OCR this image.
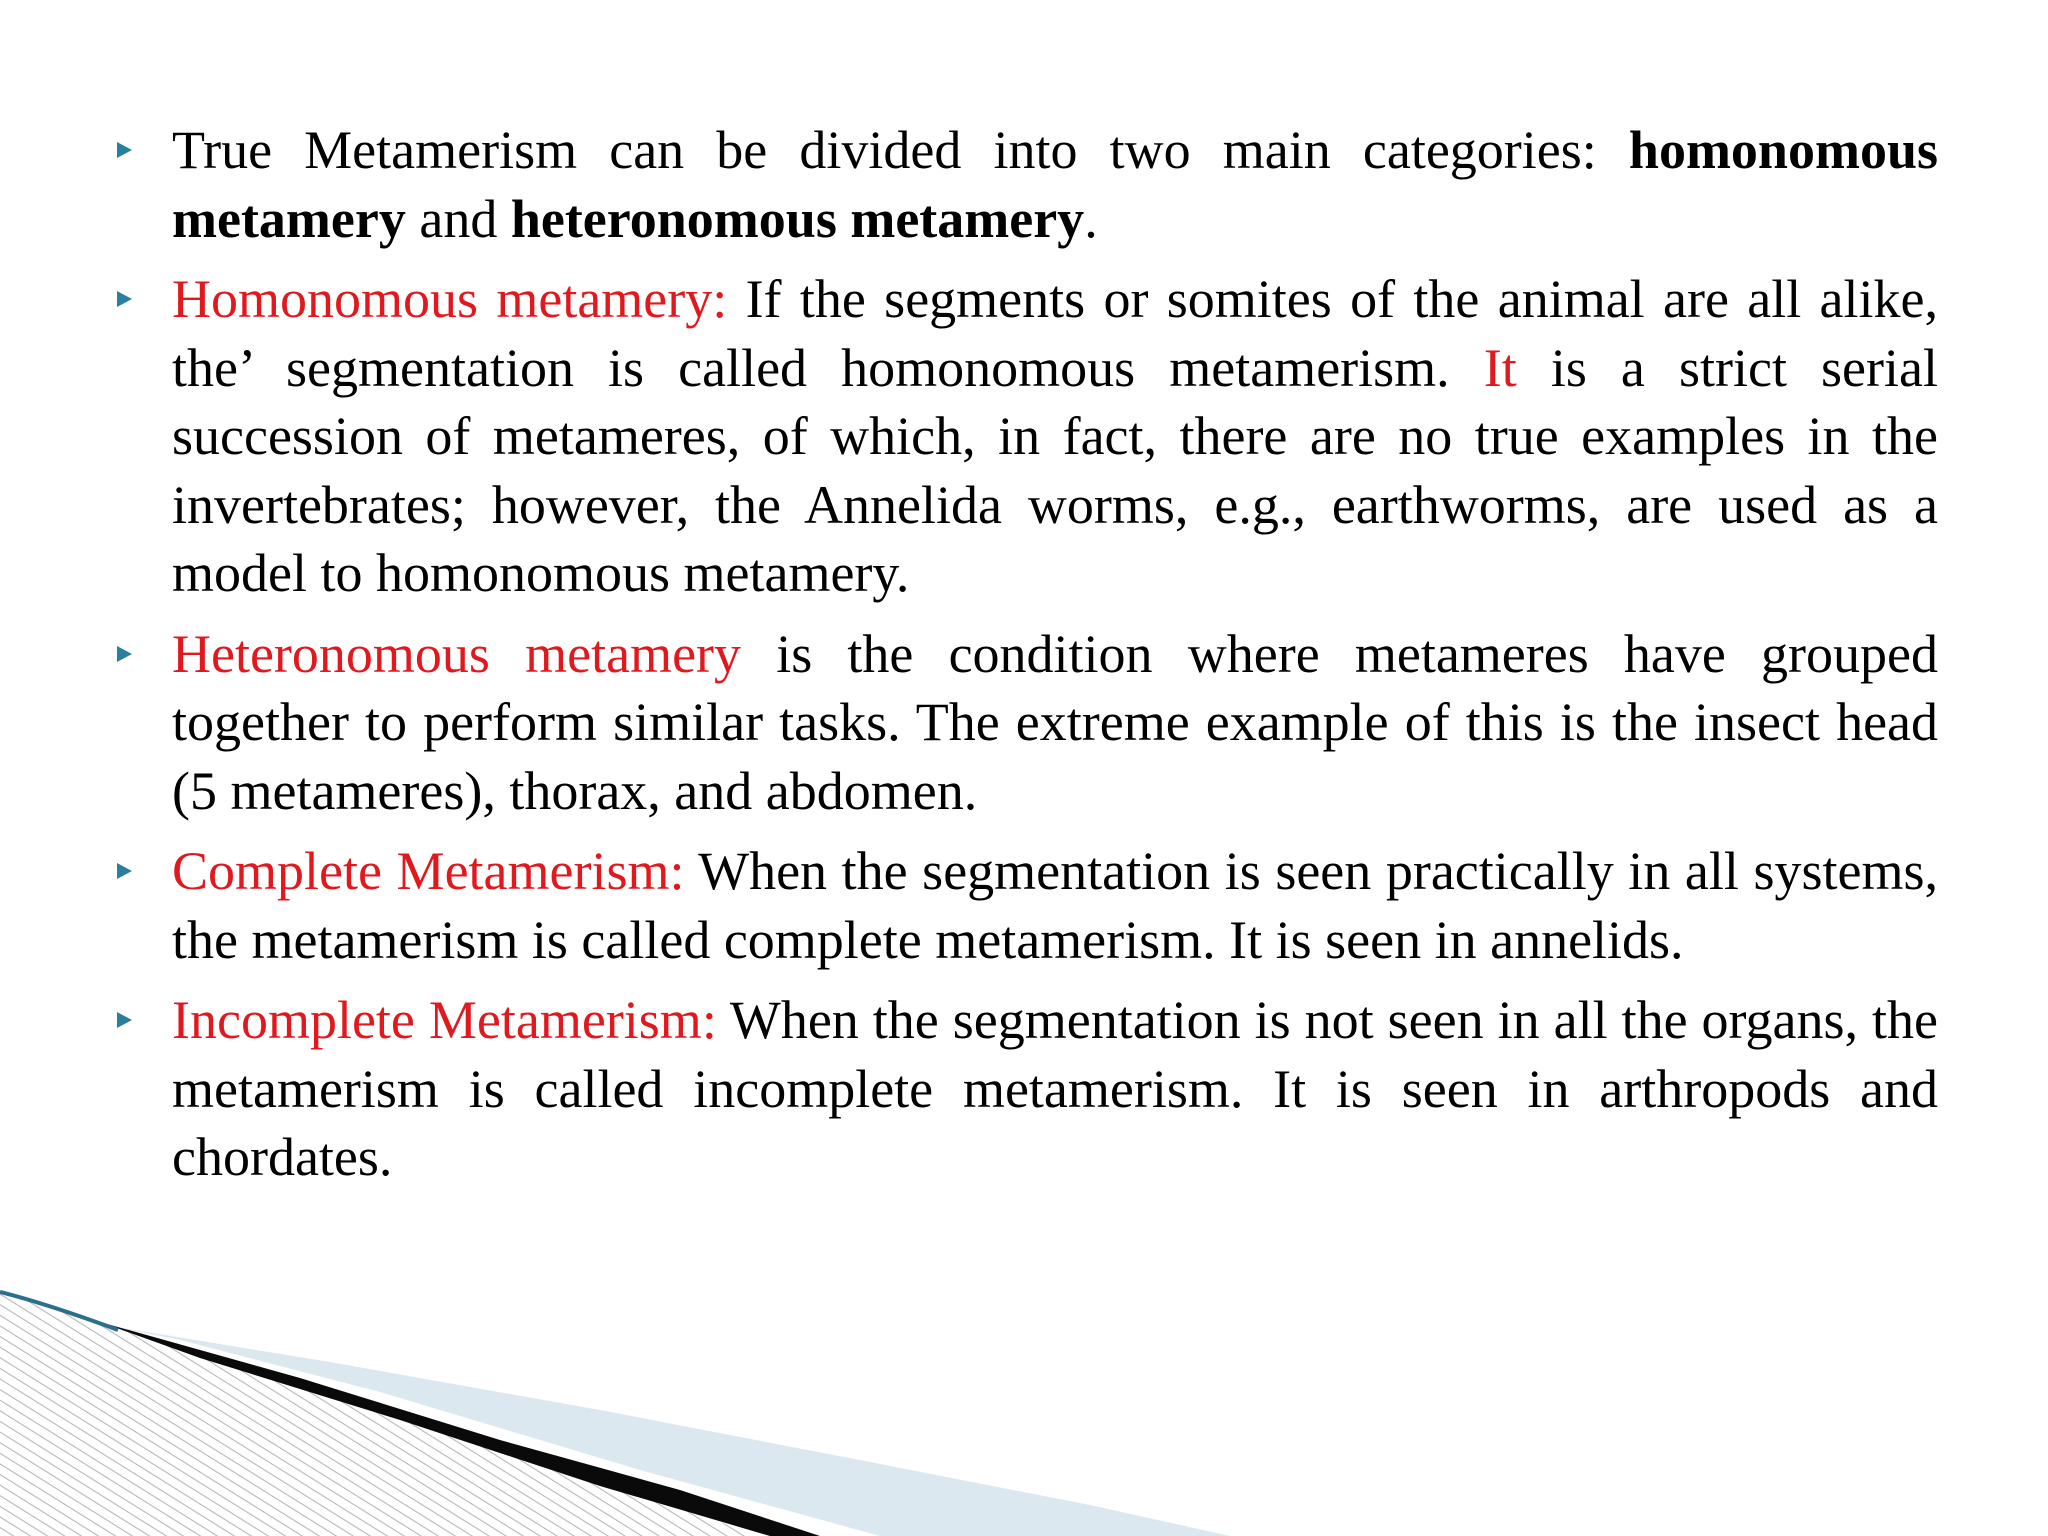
True Metamerism can be divided into two main categories: homonomous metamery and heteronomous metamery.
Homonomous metamery: If the segments or somites of the animal are all alike, the’ segmentation is called homonomous metamerism. It is a strict serial succession of metameres, of which, in fact, there are no true examples in the invertebrates; however, the Annelida worms, e.g., earthworms, are used as a model to homonomous metamery.
Heteronomous metamery is the condition where metameres have grouped together to perform similar tasks. The extreme example of this is the insect head (5 metameres), thorax, and abdomen.
Complete Metamerism: When the segmentation is seen practically in all systems, the metamerism is called complete metamerism. It is seen in annelids.
Incomplete Metamerism: When the segmentation is not seen in all the organs, the metamerism is called incomplete metamerism. It is seen in arthropods and chordates.
